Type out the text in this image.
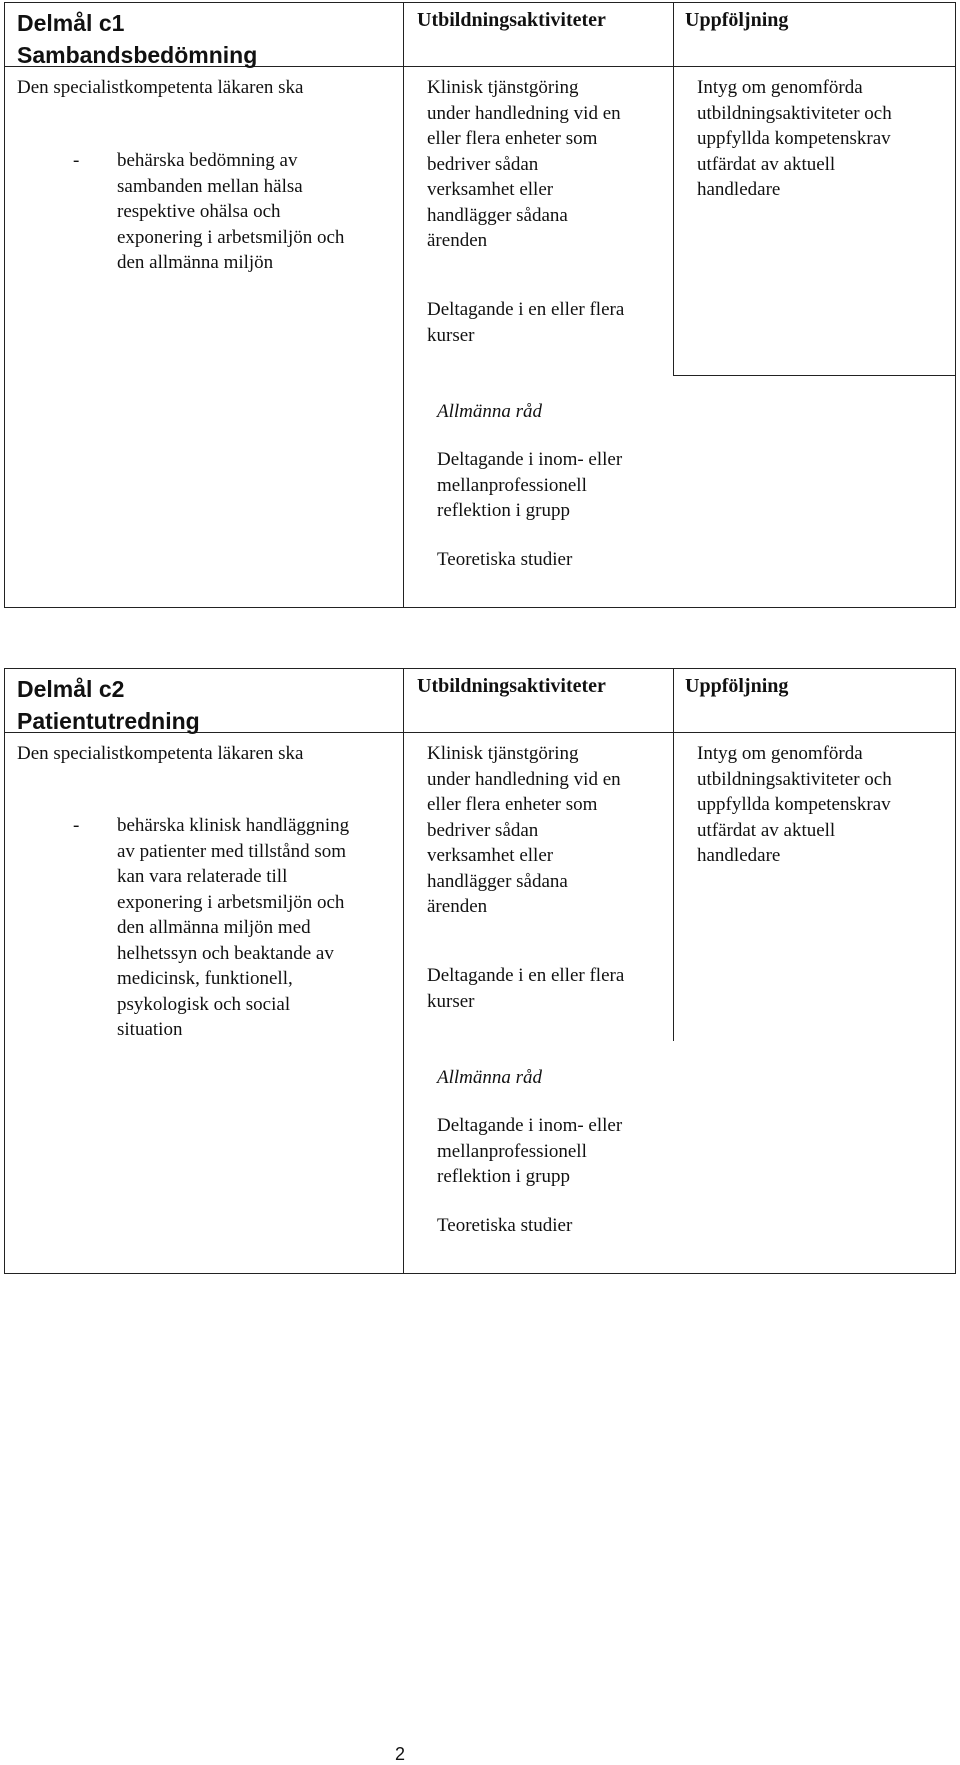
Delmål c1
Sambandsbedömning
Utbildningsaktiviteter	Uppföljning
Den specialistkompetenta läkaren ska
- behärska bedömning av
sambanden mellan hälsa
respektive ohälsa och
exponering i arbetsmiljön och
den allmänna miljön
Klinisk tjänstgöring
under handledning vid en
eller flera enheter som
bedriver sådan
verksamhet eller
handlägger sådana
ärenden
Deltagande i en eller flera
kurser
Intyg om genomförda
utbildningsaktiviteter och
uppfyllda kompetenskrav
utfärdat av aktuell
handledare
Allmänna råd
Deltagande i inom- eller
mellanprofessionell
reflektion i grupp
Teoretiska studier
Delmål c2
Patientutredning
Utbildningsaktiviteter	Uppföljning
Den specialistkompetenta läkaren ska
- behärska klinisk handläggning
av patienter med tillstånd som
kan vara relaterade till
exponering i arbetsmiljön och
den allmänna miljön med
helhetssyn och beaktande av
medicinsk, funktionell,
psykologisk och social
situation
Klinisk tjänstgöring
under handledning vid en
eller flera enheter som
bedriver sådan
verksamhet eller
handlägger sådana
ärenden
Deltagande i en eller flera
kurser
Intyg om genomförda
utbildningsaktiviteter och
uppfyllda kompetenskrav
utfärdat av aktuell
handledare
Allmänna råd
Deltagande i inom- eller
mellanprofessionell
reflektion i grupp
Teoretiska studier
2
